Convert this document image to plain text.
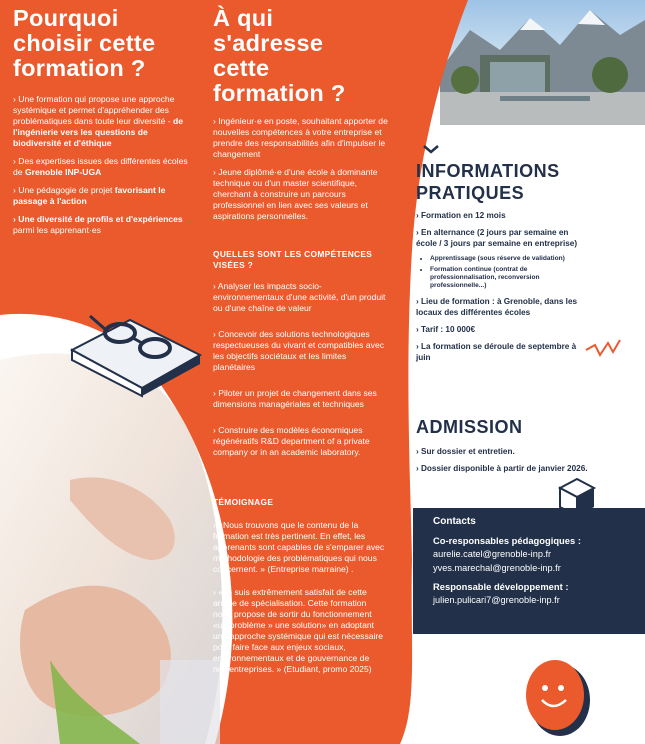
Pourquoi
choisir cette
formation ?

› Une formation qui propose une approche systémique et permet d'appréhender des problématiques dans toute leur diversité - de l'ingénierie vers les questions de biodiversité et d'éthique

› Des expertises issues des différentes écoles de Grenoble INP-UGA

› Une pédagogie de projet favorisant le passage à l'action

› Une diversité de profils et d'expériences parmi les apprenant·es

À qui
s'adresse
cette
formation ?

› Ingénieur·e en poste, souhaitant apporter de nouvelles compétences à votre entreprise et prendre des responsabilités afin d'impulser le changement

› Jeune diplômé·e d'une école à dominante technique ou d'un master scientifique, cherchant à construire un parcours professionnel en lien avec ses valeurs et aspirations personnelles.

QUELLES SONT LES COMPÉTENCES VISÉES ?

› Analyser les impacts socio-environnementaux d'une activité, d'un produit ou d'une chaîne de valeur

› Concevoir des solutions technologiques respectueuses du vivant et compatibles avec les objectifs sociétaux et les limites planétaires

› Piloter un projet de changement dans ses dimensions managériales et techniques

› Construire des modèles économiques régénératifs R&D department of a private company or in an academic laboratory.

TÉMOIGNAGE

› «Nous trouvons que le contenu de la formation est très pertinent. En effet, les apprenants sont capables de s'emparer avec méthodologie des problématiques qui nous concernent. » (Entreprise marraine) .

› «Je suis extrêmement satisfait de cette année de spécialisation. Cette formation nous propose de sortir du fonctionnement «un problème » une solution» en adoptant une approche systémique qui est nécessaire pour faire face aux enjeux sociaux, environnementaux et de gouvernance de nos entreprises. » (Etudiant, promo 2025)

INFORMATIONS
PRATIQUES

› Formation en 12 mois

› En alternance (2 jours par semaine en école / 3 jours par semaine en entreprise)

• Apprentissage (sous réserve de validation)
• Formation continue (contrat de professionnalisation, reconversion professionnelle...)

› Lieu de formation : à Grenoble, dans les locaux des différentes écoles

› Tarif : 10 000€

› La formation se déroule de septembre à juin

ADMISSION

› Sur dossier et entretien.

› Dossier disponible à partir de janvier 2026.

Contacts
Co-responsables pédagogiques :
aurelie.catel@grenoble-inp.fr
yves.marechal@grenoble-inp.fr
Responsable développement :
julien.pulicari7@grenoble-inp.fr
